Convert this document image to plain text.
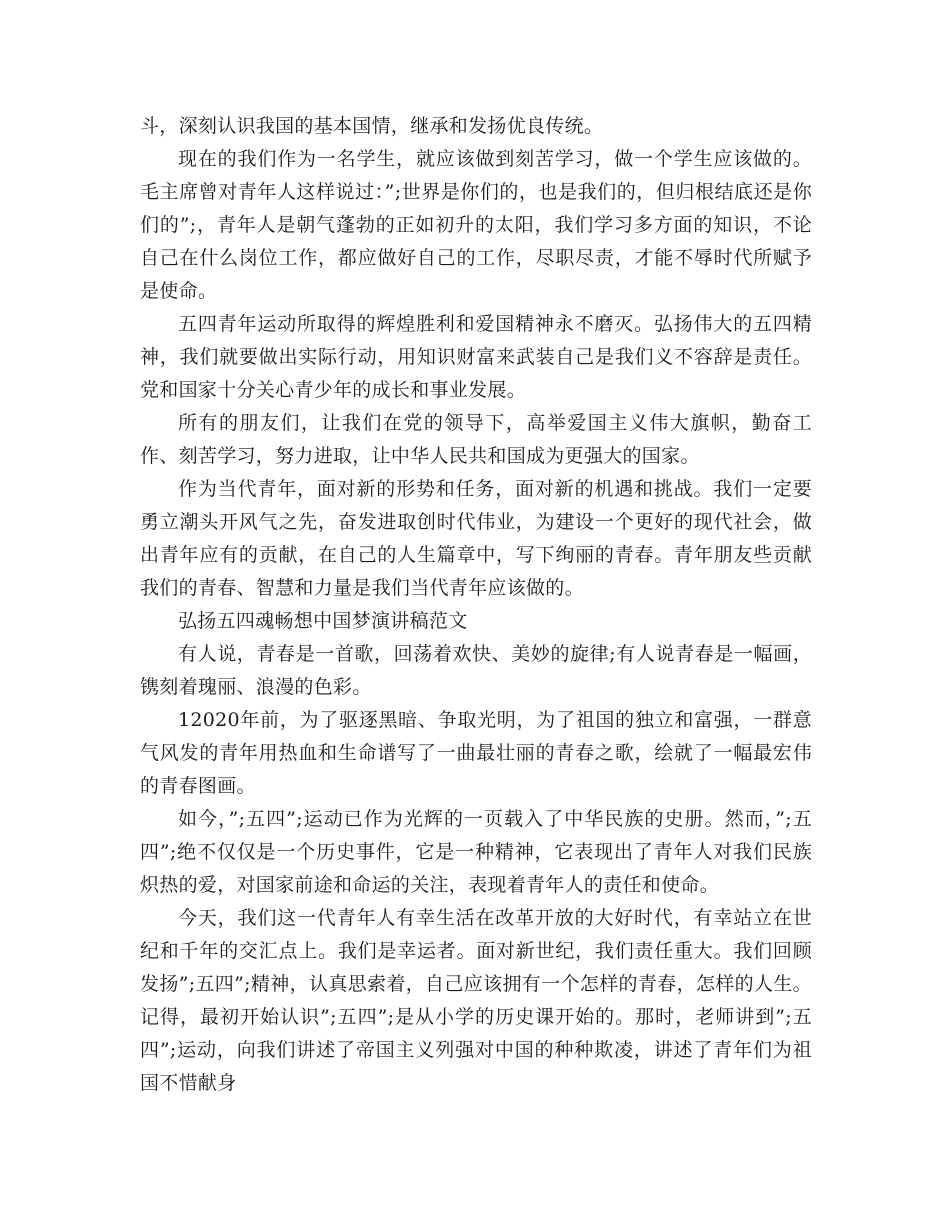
斗，深刻认识我国的基本国情，继承和发扬优良传统。

现在的我们作为一名学生，就应该做到刻苦学习，做一个学生应该做的。毛主席曾对青年人这样说过：”;世界是你们的，也是我们的，但归根结底还是你们的”;，青年人是朝气蓬勃的正如初升的太阳，我们学习多方面的知识，不论自己在什么岗位工作，都应做好自己的工作，尽职尽责，才能不辱时代所赋予是使命。

五四青年运动所取得的辉煌胜利和爱国精神永不磨灭。弘扬伟大的五四精神，我们就要做出实际行动，用知识财富来武装自己是我们义不容辞是责任。党和国家十分关心青少年的成长和事业发展。

所有的朋友们，让我们在党的领导下，高举爱国主义伟大旗帜，勤奋工作、刻苦学习，努力进取，让中华人民共和国成为更强大的国家。

作为当代青年，面对新的形势和任务，面对新的机遇和挑战。我们一定要勇立潮头开风气之先，奋发进取创时代伟业，为建设一个更好的现代社会，做出青年应有的贡献，在自己的人生篇章中，写下绚丽的青春。青年朋友些贡献我们的青春、智慧和力量是我们当代青年应该做的。

弘扬五四魂畅想中国梦演讲稿范文

有人说，青春是一首歌，回荡着欢快、美妙的旋律;有人说青春是一幅画，镌刻着瑰丽、浪漫的色彩。

12020年前，为了驱逐黑暗、争取光明，为了祖国的独立和富强，一群意气风发的青年用热血和生命谱写了一曲最壮丽的青春之歌，绘就了一幅最宏伟的青春图画。

如今，”;五四”;运动已作为光辉的一页载入了中华民族的史册。然而，”;五四”;绝不仅仅是一个历史事件，它是一种精神，它表现出了青年人对我们民族炽热的爱，对国家前途和命运的关注，表现着青年人的责任和使命。

今天，我们这一代青年人有幸生活在改革开放的大好时代，有幸站立在世纪和千年的交汇点上。我们是幸运者。面对新世纪，我们责任重大。我们回顾发扬”;五四”;精神，认真思索着，自己应该拥有一个怎样的青春，怎样的人生。记得，最初开始认识”;五四”;是从小学的历史课开始的。那时，老师讲到”;五四”;运动，向我们讲述了帝国主义列强对中国的种种欺凌，讲述了青年们为祖国不惜献身
